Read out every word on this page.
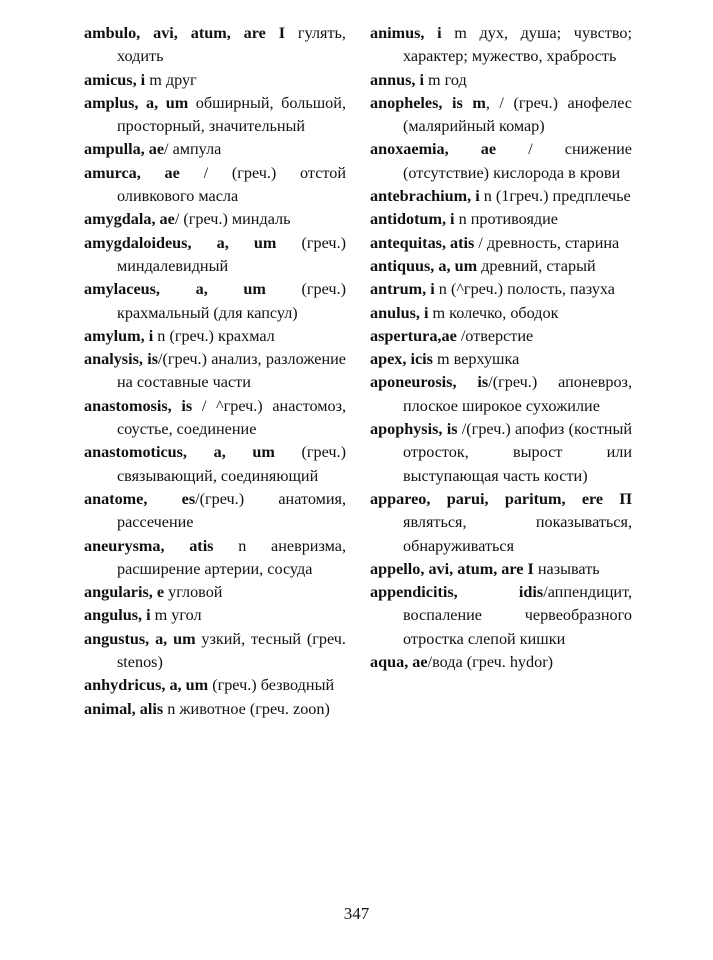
ambulo, avi, atum, are I гулять, ходить
amicus, i m друг
amplus, a, um обширный, большой, просторный, значительный
ampulla, ae/ ампула
amurca, ae / (греч.) отстой оливкового масла
amygdala, ae/ (греч.) миндаль
amygdaloideus, a, um (греч.) миндалевидный
amylaceus, a, um (греч.) крахмальный (для капсул)
amylum, i n (греч.) крахмал
analysis, is/(греч.) анализ, разложение на составные части
anastomosis, is / ^греч.) анастомоз, соустье, соединение
anastomoticus, a, um (греч.) связывающий, соединяющий
anatome, es/(греч.) анатомия, рассечение
aneurysma, atis n аневризма, расширение артерии, сосуда
angularis, e угловой
angulus, i m угол
angustus, a, um узкий, тесный (греч. stenos)
anhydricus, a, um (греч.) безводный
animal, alis n животное (греч. zoon)
animus, i m дух, душа; чувство; характер; мужество, храбрость
annus, i m год
anopheles, is m, / (греч.) анофелес (малярийный комар)
anoxaemia, ae / снижение (отсутствие) кислорода в крови
antebrachium, i n (1греч.) предплечье
antidotum, i n противоядие
antequitas, atis / древность, старина
antiquus, a, um древний, старый
antrum, i n (^греч.) полость, пазуха
anulus, i m колечко, ободок
aspertura,ae /отверстие
apex, icis m верхушка
aponeurosis, is/(греч.) апоневроз, плоское широкое сухожилие
apophysis, is /(греч.) апофиз (костный отросток, вырост или выступающая часть кости)
appareo, parui, paritum, ere П являться, показываться, обнаруживаться
appello, avi, atum, are I называть
appendicitis, idis/аппендицит, воспаление червеобразного отростка слепой кишки
aqua, ae/вода (греч. hydor)
347
